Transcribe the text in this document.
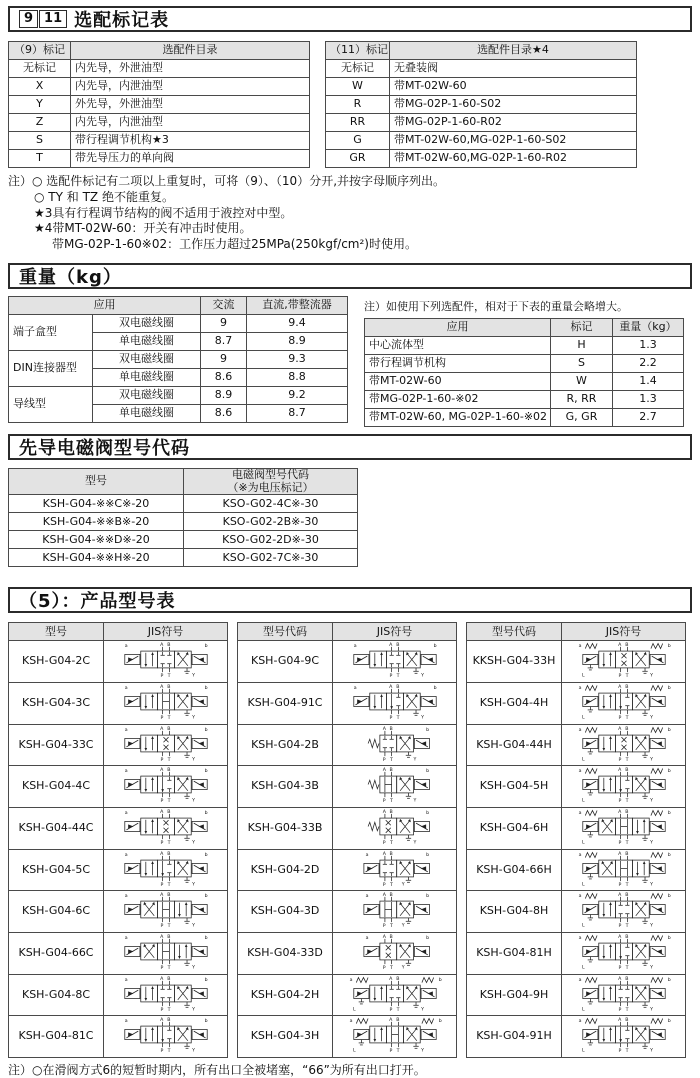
9 11 选配标记表
（9）标记	选配件目录
无标记	内先导，外泄油型
X	内先导，内泄油型
Y	外先导，外泄油型
Z	内先导，内泄油型
S	带行程调节机构★3
T	带先导压力的单向阀
（11）标记	选配件目录★4
无标记	无叠装阀
W	带MT-02W-60
R	带MG-02P-1-60-S02
RR	带MG-02P-1-60-R02
G	带MT-02W-60,MG-02P-1-60-S02
GR	带MT-02W-60,MG-02P-1-60-R02
注）○ 选配件标记有二项以上重复时，可将（9）、（10）分开,并按字母顺序列出。
○ TY 和 TZ 绝不能重复。
★3具有行程调节结构的阀不适用于液控对中型。
★4带MT-02W-60：开关有冲击时使用。
带MG-02P-1-60※02：工作压力超过25MPa(250kgf/cm²)时使用。
重量（kg）
应用		交流	直流,带整流器
端子盒型	双电磁线圈	9	9.4
	单电磁线圈	8.7	8.9
DIN连接器型	双电磁线圈	9	9.3
	单电磁线圈	8.6	8.8
导线型	双电磁线圈	8.9	9.2
	单电磁线圈	8.6	8.7
注）如使用下列选配件，相对于下表的重量会略增大。
应用	标记	重量（kg）
中心流体型	H	1.3
带行程调节机构	S	2.2
带MT-02W-60	W	1.4
带MG-02P-1-60-※02	R, RR	1.3
带MT-02W-60, MG-02P-1-60-※02	G, GR	2.7
先导电磁阀型号代码
型号	电磁阀型号代码
（※为电压标记）
KSH-G04-※※C※-20	KSO-G02-4C※-30
KSH-G04-※※B※-20	KSO-G02-2B※-30
KSH-G04-※※D※-20	KSO-G02-2D※-30
KSH-G04-※※H※-20	KSO-G02-7C※-30
（5）：产品型号表
型号	JIS符号
KSH-G04-2C	
A B
P T	Y
a	b

KSH-G04-3C	
A B
P T	Y
a	b

KSH-G04-33C	
A B
P T	Y
a	b

KSH-G04-4C	
A B
P T	Y
a	b

KSH-G04-44C	
A B
P T	Y
a	b

KSH-G04-5C	
A B
P T	Y
a	b

KSH-G04-6C	
A B
P T	Y
a	b

KSH-G04-66C	
A B
P T	Y
a	b

KSH-G04-8C	
A B
P T	Y
a	b

KSH-G04-81C	
A B
P T	Y
a	b
型号代码	JIS符号
KSH-G04-9C	
A B
P T	Y
a	b

KSH-G04-91C	
A B
P T	Y
a	b

KSH-G04-2B	
A B
P T
b
Y

KSH-G04-3B	
A B
P T
b
Y

KSH-G04-33B	
A B
P T
b
Y

KSH-G04-2D	
A B
P T
b
a
Y

KSH-G04-3D	
A B
P T
b
a
Y

KSH-G04-33D	
A B
P T
b
a
Y

KSH-G04-2H	
A B
P T	Y
a	b
L

KSH-G04-3H	
A B
P T	Y
a	b
L
型号代码	JIS符号
KKSH-G04-33H	
A B
P T	Y
a	b
L

KSH-G04-4H	
A B
P T	Y
a	b
L

KSH-G04-44H	
A B
P T	Y
a	b
L

KSH-G04-5H	
A B
P T	Y
a	b
L

KSH-G04-6H	
A B
P T	Y
a	b
L

KSH-G04-66H	
A B
P T	Y
a	b
L

KSH-G04-8H	
A B
P T	Y
a	b
L

KSH-G04-81H	
A B
P T	Y
a	b
L

KSH-G04-9H	
A B
P T	Y
a	b
L

KSH-G04-91H	
A B
P T	Y
a	b
L
注）○在滑阀方式6的短暂时期内，所有出口全被堵塞，“66”为所有出口打开。
